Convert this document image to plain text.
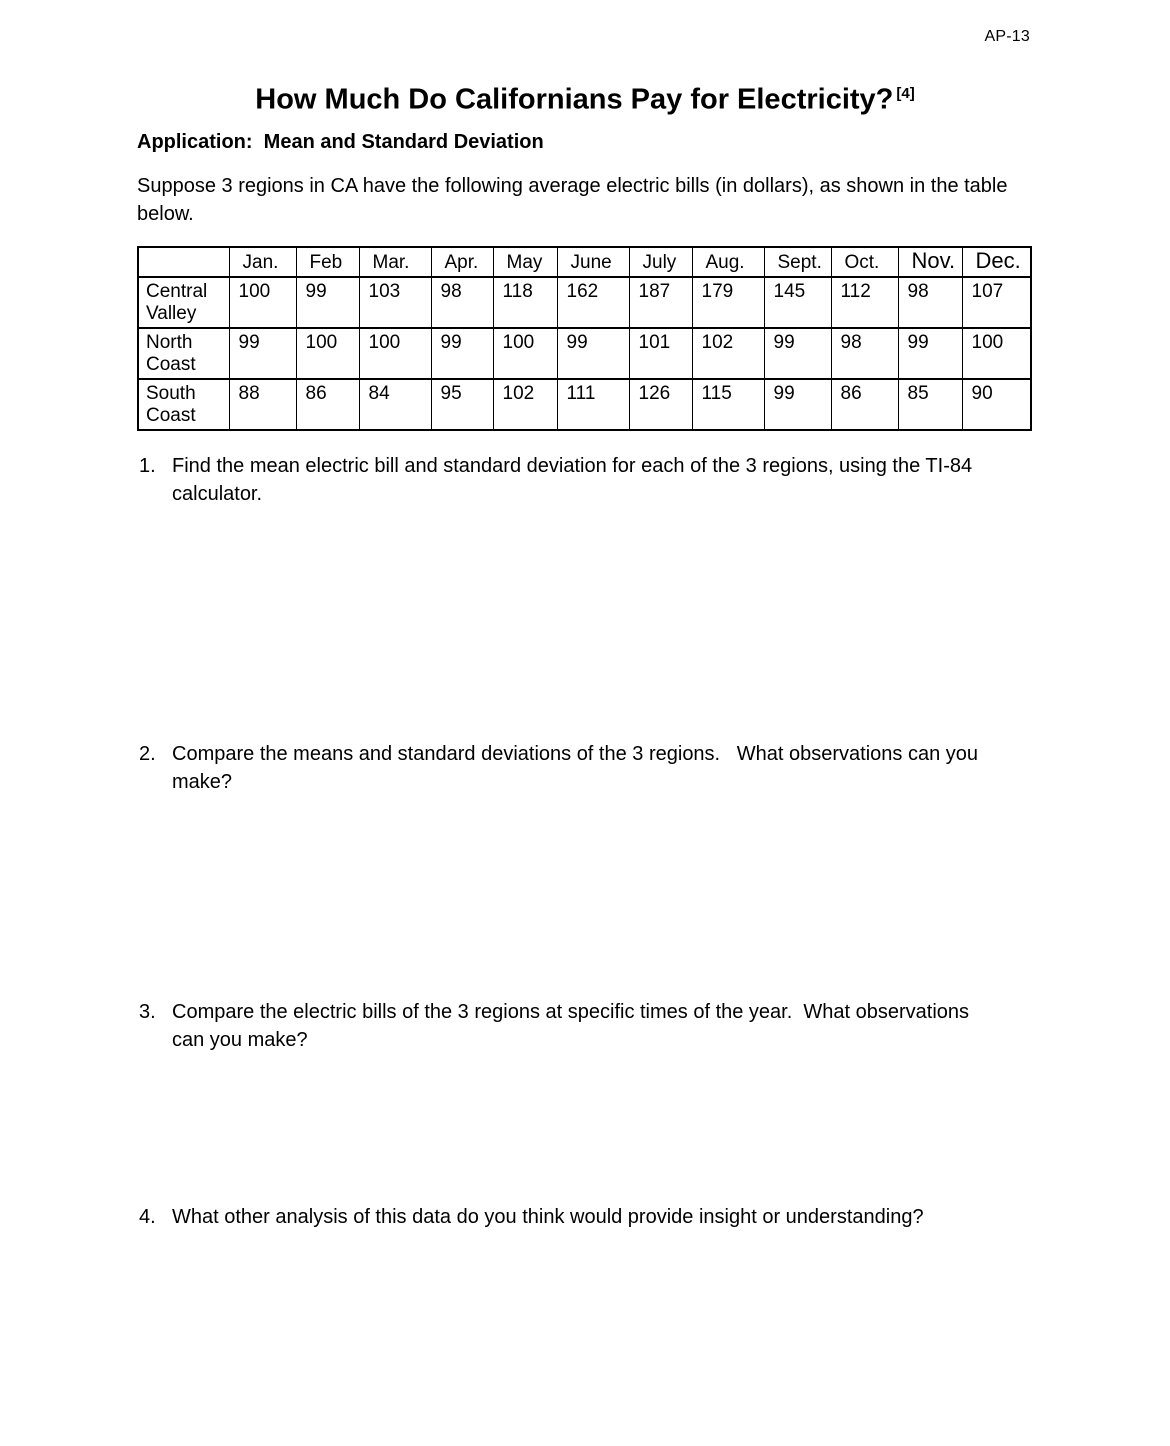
AP-13
How Much Do Californians Pay for Electricity? [4]
Application:  Mean and Standard Deviation

Suppose 3 regions in CA have the following average electric bills (in dollars), as shown in the table below.

	Jan.	Feb	Mar.	Apr.	May	June	July	Aug.	Sept.	Oct.	Nov.	Dec.
Central Valley	100	99	103	98	118	162	187	179	145	112	98	107
North Coast	99	100	100	99	100	99	101	102	99	98	99	100
South Coast	88	86	84	95	102	111	126	115	99	86	85	90
1. Find the mean electric bill and standard deviation for each of the 3 regions, using the TI-84 calculator.
2. Compare the means and standard deviations of the 3 regions.   What observations can you make?
3. Compare the electric bills of the 3 regions at specific times of the year.  What observations can you make?
4. What other analysis of this data do you think would provide insight or understanding?
